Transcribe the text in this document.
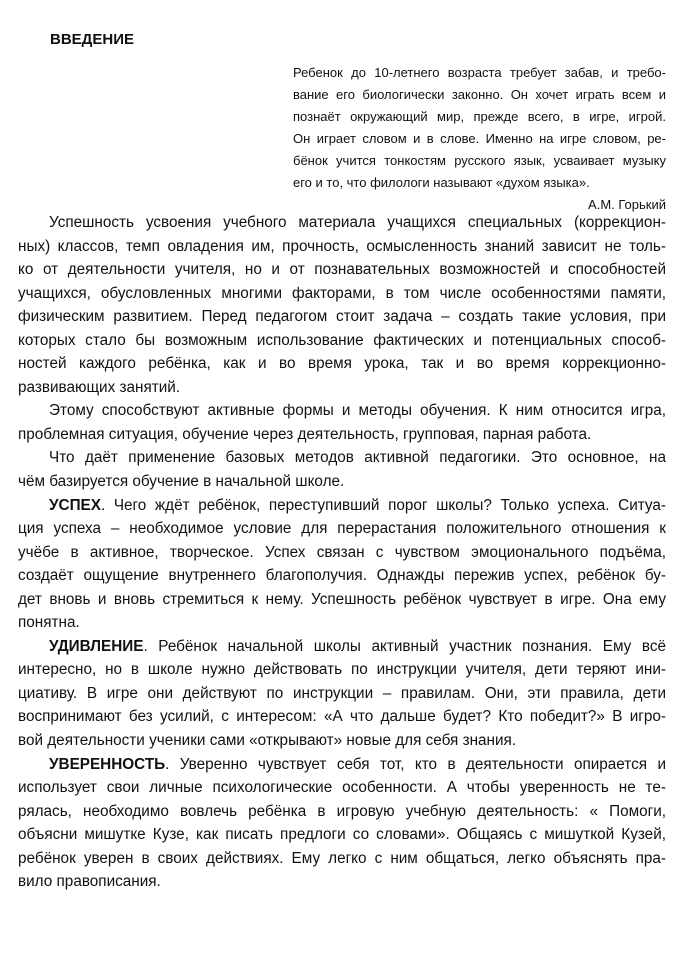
ВВЕДЕНИЕ
Ребенок до 10-летнего возраста требует забав, и требо-
вание его биологически законно. Он хочет играть всем и
познаёт окружающий мир, прежде всего, в игре, игрой.
Он играет словом и в слове. Именно на игре словом, ре-
бёнок учится тонкостям русского язык, усваивает музыку
его и то, что филологи называют «духом языка».
А.М. Горький
Успешность усвоения учебного материала учащихся специальных (коррекцион-
ных) классов, темп овладения им, прочность, осмысленность знаний зависит не толь-
ко от деятельности учителя, но и от познавательных возможностей и способностей
учащихся, обусловленных многими факторами, в том числе особенностями памяти,
физическим развитием. Перед педагогом стоит задача – создать такие условия, при
которых стало бы возможным использование фактических и потенциальных способ-
ностей каждого ребёнка, как и во время урока, так и во время коррекционно-
развивающих занятий.
Этому способствуют активные формы и методы обучения. К ним относится игра,
проблемная ситуация, обучение через деятельность, групповая, парная работа.
Что даёт применение базовых методов активной педагогики. Это основное, на
чём базируется обучение в начальной школе.
УСПЕХ. Чего ждёт ребёнок, переступивший порог школы? Только успеха. Ситуа-
ция успеха – необходимое условие для перерастания положительного отношения к
учёбе в активное, творческое. Успех связан с чувством эмоционального подъёма,
создаёт ощущение внутреннего благополучия. Однажды пережив успех, ребёнок бу-
дет вновь и вновь стремиться к нему. Успешность ребёнок чувствует в игре. Она ему
понятна.
УДИВЛЕНИЕ. Ребёнок начальной школы активный участник познания. Ему всё
интересно, но в школе нужно действовать по инструкции учителя, дети теряют ини-
циативу. В игре они действуют по инструкции – правилам. Они, эти правила, дети
воспринимают без усилий, с интересом: «А что дальше будет? Кто победит?» В игро-
вой деятельности ученики сами «открывают» новые для себя знания.
УВЕРЕННОСТЬ. Уверенно чувствует себя тот, кто в деятельности опирается и
использует свои личные психологические особенности. А чтобы уверенность не те-
рялась, необходимо вовлечь ребёнка в игровую учебную деятельность: « Помоги,
объясни мишутке Кузе, как писать предлоги со словами». Общаясь с мишуткой Кузей,
ребёнок уверен в своих действиях. Ему легко с ним общаться, легко объяснять пра-
вило правописания.
